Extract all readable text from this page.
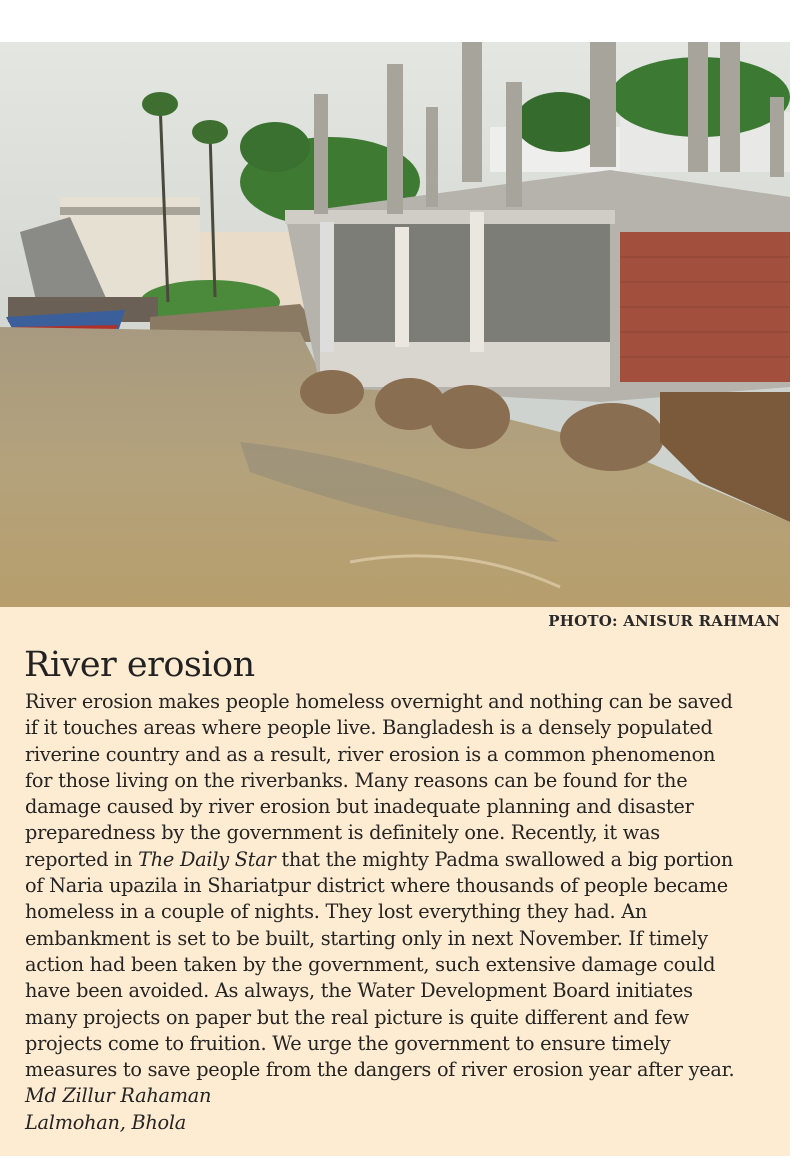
PHOTO: ANISUR RAHMAN
River erosion
River erosion makes people homeless overnight and nothing can be saved
if it touches areas where people live. Bangladesh is a densely populated
riverine country and as a result, river erosion is a common phenomenon
for those living on the riverbanks. Many reasons can be found for the
damage caused by river erosion but inadequate planning and disaster
preparedness by the government is definitely one. Recently, it was
reported in The Daily Star that the mighty Padma swallowed a big portion
of Naria upazila in Shariatpur district where thousands of people became
homeless in a couple of nights. They lost everything they had. An
embankment is set to be built, starting only in next November. If timely
action had been taken by the government, such extensive damage could
have been avoided. As always, the Water Development Board initiates
many projects on paper but the real picture is quite different and few
projects come to fruition. We urge the government to ensure timely
measures to save people from the dangers of river erosion year after year.
Md Zillur Rahaman
Lalmohan, Bhola
